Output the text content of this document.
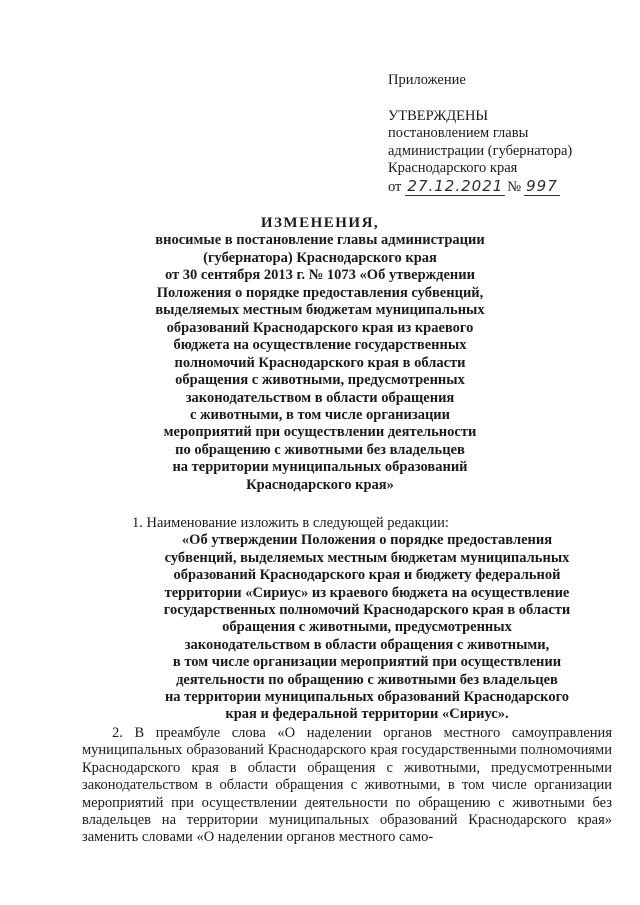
Приложение
УТВЕРЖДЕНЫ
постановлением главы
администрации (губернатора)
Краснодарского края
от 27.12.2021 № 997
ИЗМЕНЕНИЯ,
вносимые в постановление главы администрации
(губернатора) Краснодарского края
от 30 сентября 2013 г. № 1073 «Об утверждении
Положения о порядке предоставления субвенций,
выделяемых местным бюджетам муниципальных
образований Краснодарского края из краевого
бюджета на осуществление государственных
полномочий Краснодарского края в области
обращения с животными, предусмотренных
законодательством в области обращения
с животными, в том числе организации
мероприятий при осуществлении деятельности
по обращению с животными без владельцев
на территории муниципальных образований
Краснодарского края»
1. Наименование изложить в следующей редакции:
«Об утверждении Положения о порядке предоставления
субвенций, выделяемых местным бюджетам муниципальных
образований Краснодарского края и бюджету федеральной
территории «Сириус» из краевого бюджета на осуществление
государственных полномочий Краснодарского края в области
обращения с животными, предусмотренных
законодательством в области обращения с животными,
в том числе организации мероприятий при осуществлении
деятельности по обращению с животными без владельцев
на территории муниципальных образований Краснодарского
края и федеральной территории «Сириус».
2. В преамбуле слова «О наделении органов местного самоуправления муниципальных образований Краснодарского края государственными полномочиями Краснодарского края в области обращения с животными, предусмотренными законодательством в области обращения с животными, в том числе организации мероприятий при осуществлении деятельности по обращению с животными без владельцев на территории муниципальных образований Краснодарского края» заменить словами «О наделении органов местного само-
